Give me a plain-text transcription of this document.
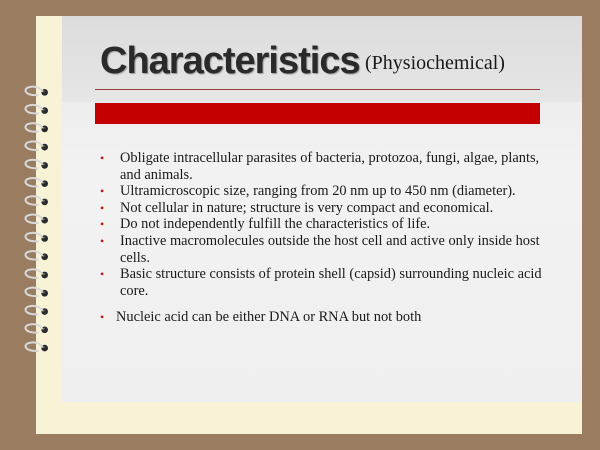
Characteristics (Physiochemical)
• Obligate intracellular parasites of bacteria, protozoa, fungi, algae, plants, and animals.
• Ultramicroscopic size, ranging from 20 nm up to 450 nm (diameter).
• Not cellular in nature; structure is very compact and economical.
• Do not independently fulfill the characteristics of life.
• Inactive macromolecules outside the host cell and active only inside host cells.
• Basic structure consists of protein shell (capsid) surrounding nucleic acid core.
• Nucleic acid can be either DNA or RNA but not both
